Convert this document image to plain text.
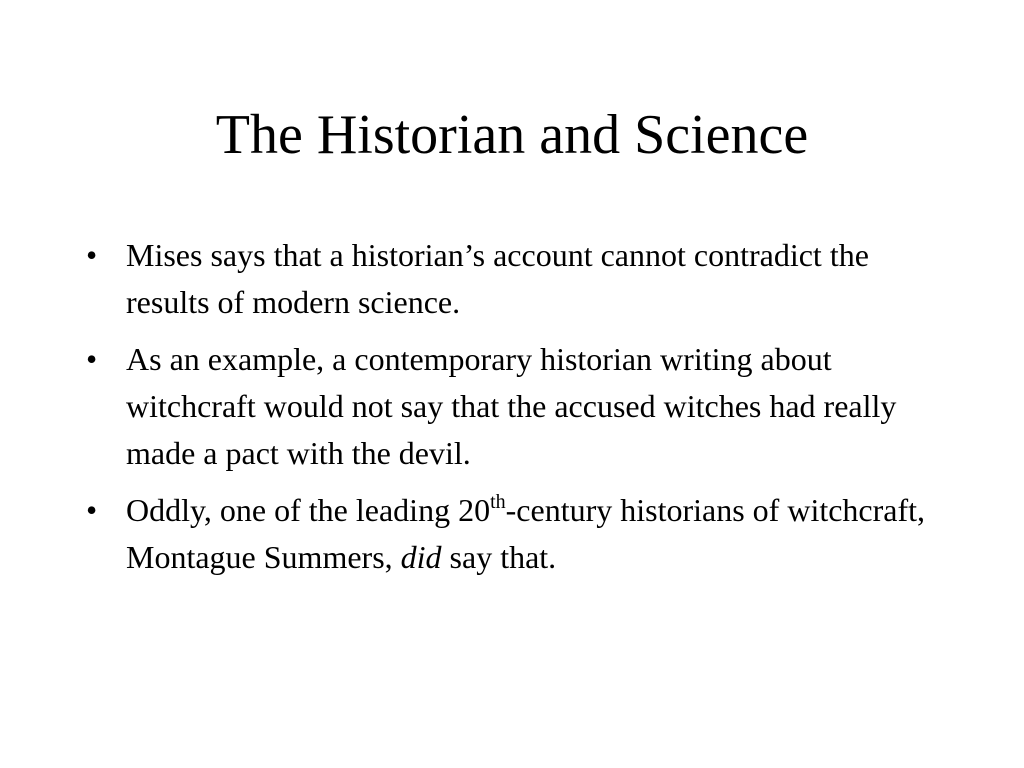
The Historian and Science
• Mises says that a historian’s account cannot contradict the results of modern science.
• As an example, a contemporary historian writing about witchcraft would not say that the accused witches had really made a pact with the devil.
• Oddly, one of the leading 20th-century historians of witchcraft, Montague Summers, did say that.
